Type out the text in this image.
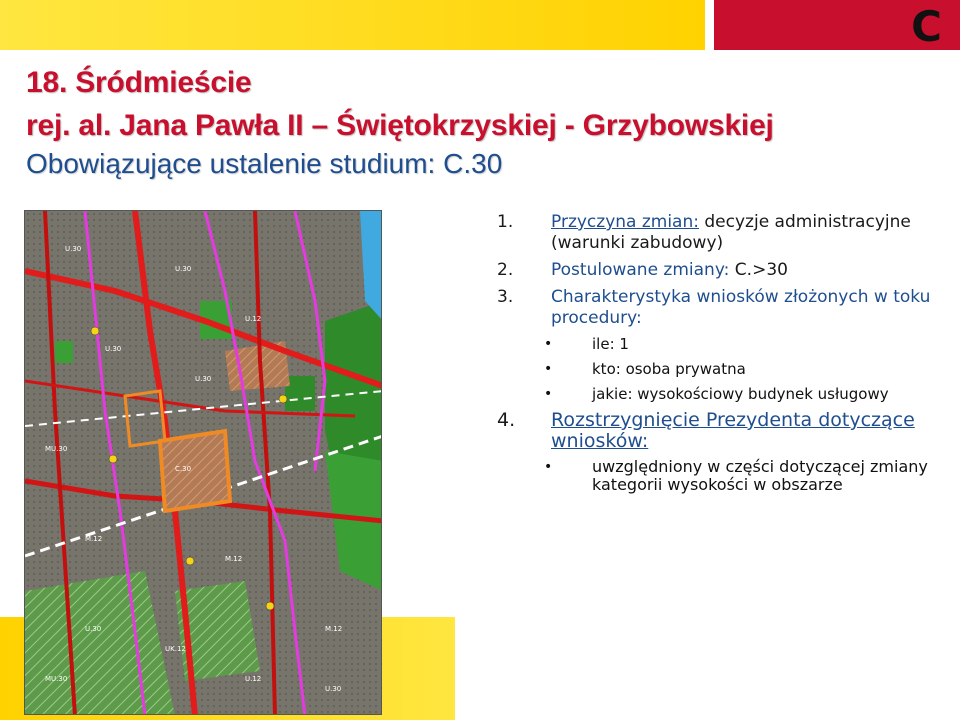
C
18. Śródmieście
rej. al. Jana Pawła II – Świętokrzyskiej - Grzybowskiej
Obowiązujące ustalenie studium: C.30
U.30
U.30
U.30
U.12
MU.30
U.30
M.12
C.30
M.12
U.30
UK.12
MU.30	U.12
M.12
U.30
1. Przyczyna zmian: decyzje administracyjne (warunki zabudowy)
2. Postulowane zmiany: C.>30
3. Charakterystyka wniosków złożonych w toku procedury:
•	ile: 1
•	kto: osoba prywatna
•	jakie: wysokościowy budynek usługowy
4. Rozstrzygnięcie Prezydenta dotyczące wniosków:
• uwzględniony w części dotyczącej zmiany kategorii wysokości w obszarze
